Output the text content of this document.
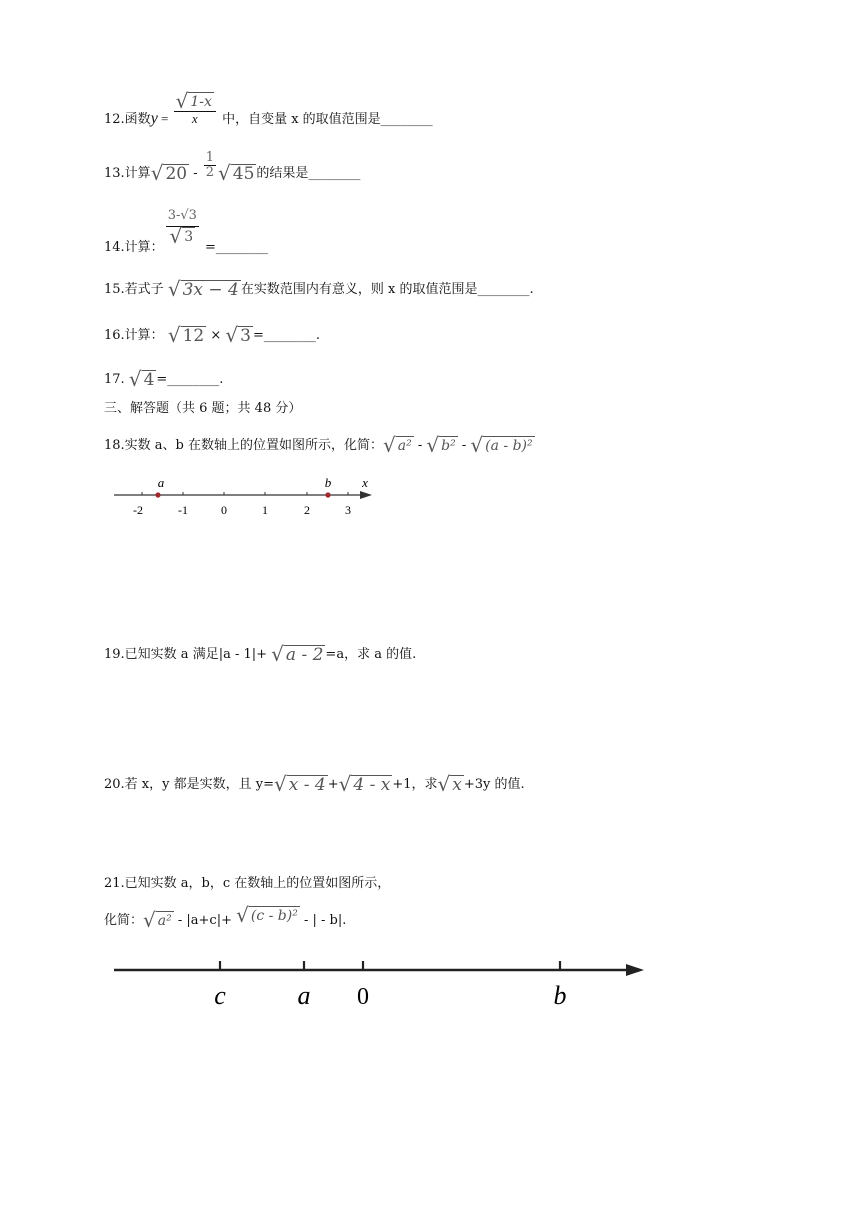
12.函数$y = \frac{√ 1-x}{x}$ 中，自变量 x 的取值范围是________
13.计算 √ $20 - \frac{1}{2}$ √ 45 的结果是________
14.计算：
$\frac{3-√3}{√ 3}$
=________
15.若式子 √ 3x − 4 在实数范围内有意义，则 x 的取值范围是________.
16.计算： √ 12 × √ 3 =________.
17. √ 4 =________.
三、解答题（共 6 题；共 48 分）
18.实数 a、b 在数轴上的位置如图所示，化简： √ a² - √ b² - √ (a - b)²
-2	-1	0	1	2	3
a	b x
19.已知实数 a 满足|a - 1|+ √ a - 2 =a，求 a 的值.
20.若 x，y 都是实数，且 y= √ x - 4 + √ 4 - x +1，求 √ x +3y 的值.
21.已知实数 a，b，c 在数轴上的位置如图所示，
化简： √ a² - |a+c|+ √ (c - b)² - | - b|.
c	a 0	b
